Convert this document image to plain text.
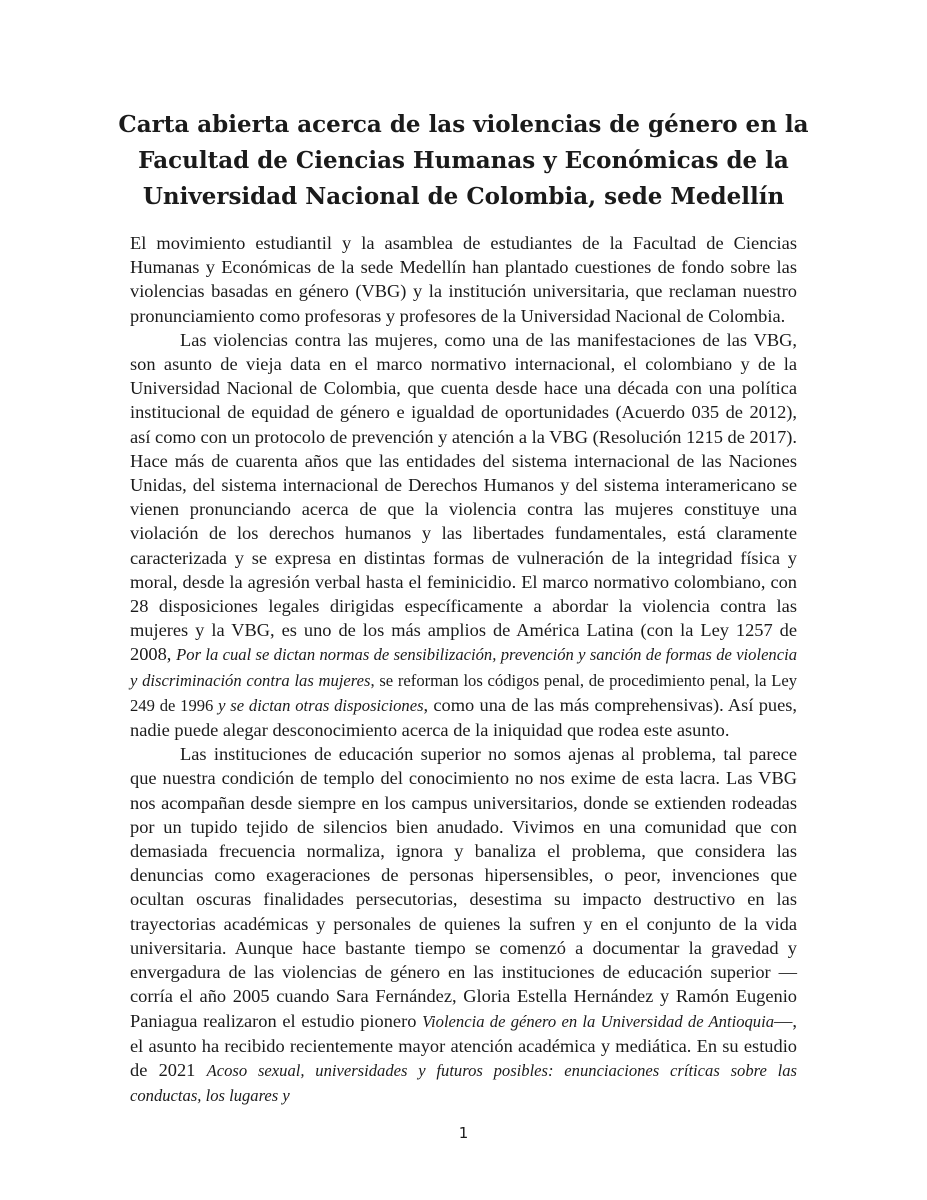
Carta abierta acerca de las violencias de género en la Facultad de Ciencias Humanas y Económicas de la Universidad Nacional de Colombia, sede Medellín

El movimiento estudiantil y la asamblea de estudiantes de la Facultad de Ciencias Humanas y Económicas de la sede Medellín han plantado cuestiones de fondo sobre las violencias basadas en género (VBG) y la institución universitaria, que reclaman nuestro pronunciamiento como profesoras y profesores de la Universidad Nacional de Colombia.

Las violencias contra las mujeres, como una de las manifestaciones de las VBG, son asunto de vieja data en el marco normativo internacional, el colombiano y de la Universidad Nacional de Colombia, que cuenta desde hace una década con una política institucional de equidad de género e igualdad de oportunidades (Acuerdo 035 de 2012), así como con un protocolo de prevención y atención a la VBG (Resolución 1215 de 2017). Hace más de cuarenta años que las entidades del sistema internacional de las Naciones Unidas, del sistema internacional de Derechos Humanos y del sistema interamericano se vienen pronunciando acerca de que la violencia contra las mujeres constituye una violación de los derechos humanos y las libertades fundamentales, está claramente caracterizada y se expresa en distintas formas de vulneración de la integridad física y moral, desde la agresión verbal hasta el feminicidio. El marco normativo colombiano, con 28 disposiciones legales dirigidas específicamente a abordar la violencia contra las mujeres y la VBG, es uno de los más amplios de América Latina (con la Ley 1257 de 2008, Por la cual se dictan normas de sensibilización, prevención y sanción de formas de violencia y discriminación contra las mujeres, se reforman los códigos penal, de procedimiento penal, la Ley 249 de 1996 y se dictan otras disposiciones, como una de las más comprehensivas). Así pues, nadie puede alegar desconocimiento acerca de la iniquidad que rodea este asunto.

Las instituciones de educación superior no somos ajenas al problema, tal parece que nuestra condición de templo del conocimiento no nos exime de esta lacra. Las VBG nos acompañan desde siempre en los campus universitarios, donde se extienden rodeadas por un tupido tejido de silencios bien anudado. Vivimos en una comunidad que con demasiada frecuencia normaliza, ignora y banaliza el problema, que considera las denuncias como exageraciones de personas hipersensibles, o peor, invenciones que ocultan oscuras finalidades persecutorias, desestima su impacto destructivo en las trayectorias académicas y personales de quienes la sufren y en el conjunto de la vida universitaria. Aunque hace bastante tiempo se comenzó a documentar la gravedad y envergadura de las violencias de género en las instituciones de educación superior —corría el año 2005 cuando Sara Fernández, Gloria Estella Hernández y Ramón Eugenio Paniagua realizaron el estudio pionero Violencia de género en la Universidad de Antioquia—, el asunto ha recibido recientemente mayor atención académica y mediática. En su estudio de 2021 Acoso sexual, universidades y futuros posibles: enunciaciones críticas sobre las conductas, los lugares y

1
